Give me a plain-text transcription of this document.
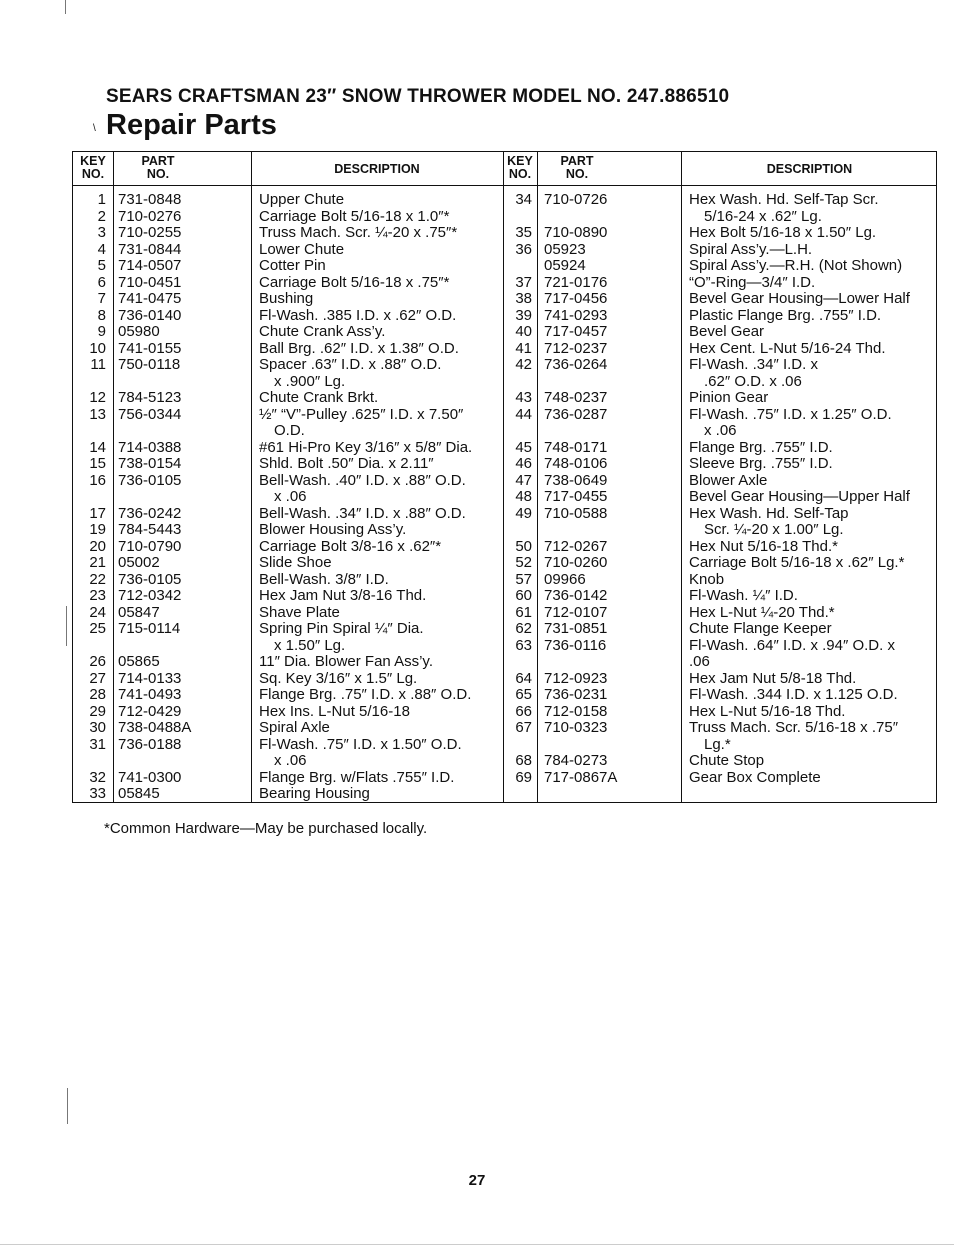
SEARS CRAFTSMAN 23″ SNOW THROWER MODEL NO. 247.886510
\ Repair Parts
KEY
NO.
PART
NO.	DESCRIPTION
KEY
NO.
PART
NO.	DESCRIPTION
1
2
3
4
5
6
7
8
9
10
11

12
13

14
15
16

17
19
20
21
22
23
24
25

26
27
28
29
30
31

32
33
731-0848
710-0276
710-0255
731-0844
714-0507
710-0451
741-0475
736-0140
05980
741-0155
750-0118

784-5123
756-0344

714-0388
738-0154
736-0105

736-0242
784-5443
710-0790
05002
736-0105
712-0342
05847
715-0114

05865
714-0133
741-0493
712-0429
738-0488A
736-0188

741-0300
05845
Upper Chute
Carriage Bolt 5/16-18 x 1.0″*
Truss Mach. Scr. ¼-20 x .75″*
Lower Chute
Cotter Pin
Carriage Bolt 5/16-18 x .75″*
Bushing
Fl-Wash. .385 I.D. x .62″ O.D.
Chute Crank Ass’y.
Ball Brg. .62″ I.D. x 1.38″ O.D.
Spacer .63″ I.D. x .88″ O.D.
 x .900″ Lg.
Chute Crank Brkt.
½″ “V”-Pulley .625″ I.D. x 7.50″
 O.D.
#61 Hi-Pro Key 3/16″ x 5/8″ Dia.
Shld. Bolt .50″ Dia. x 2.11″
Bell-Wash. .40″ I.D. x .88″ O.D.
 x .06
Bell-Wash. .34″ I.D. x .88″ O.D.
Blower Housing Ass’y.
Carriage Bolt 3/8-16 x .62″*
Slide Shoe
Bell-Wash. 3/8″ I.D.
Hex Jam Nut 3/8-16 Thd.
Shave Plate
Spring Pin Spiral ¼″ Dia.
 x 1.50″ Lg.
11″ Dia. Blower Fan Ass’y.
Sq. Key 3/16″ x 1.5″ Lg.
Flange Brg. .75″ I.D. x .88″ O.D.
Hex Ins. L-Nut 5/16-18
Spiral Axle
Fl-Wash. .75″ I.D. x 1.50″ O.D.
 x .06
Flange Brg. w/Flats .755″ I.D.
Bearing Housing
34

35
36

37
38
39
40
41
42

43
44

45
46
47
48
49

50
52
57
60
61
62
63

64
65
66
67

68
69
710-0726

710-0890
05923
05924
721-0176
717-0456
741-0293
717-0457
712-0237
736-0264

748-0237
736-0287

748-0171
748-0106
738-0649
717-0455
710-0588

712-0267
710-0260
09966
736-0142
712-0107
731-0851
736-0116

712-0923
736-0231
712-0158
710-0323

784-0273
717-0867A
Hex Wash. Hd. Self-Tap Scr.
 5/16-24 x .62″ Lg.
Hex Bolt 5/16-18 x 1.50″ Lg.
Spiral Ass’y.—L.H.
Spiral Ass’y.—R.H. (Not Shown)
“O”-Ring—3/4″ I.D.
Bevel Gear Housing—Lower Half
Plastic Flange Brg. .755″ I.D.
Bevel Gear
Hex Cent. L-Nut 5/16-24 Thd.
Fl-Wash. .34″ I.D. x
 .62″ O.D. x .06
Pinion Gear
Fl-Wash. .75″ I.D. x 1.25″ O.D.
 x .06
Flange Brg. .755″ I.D.
Sleeve Brg. .755″ I.D.
Blower Axle
Bevel Gear Housing—Upper Half
Hex Wash. Hd. Self-Tap
 Scr. ¼-20 x 1.00″ Lg.
Hex Nut 5/16-18 Thd.*
Carriage Bolt 5/16-18 x .62″ Lg.*
Knob
Fl-Wash. ¼″ I.D.
Hex L-Nut ¼-20 Thd.*
Chute Flange Keeper
Fl-Wash. .64″ I.D. x .94″ O.D. x
.06
Hex Jam Nut 5/8-18 Thd.
Fl-Wash. .344 I.D. x 1.125 O.D.
Hex L-Nut 5/16-18 Thd.
Truss Mach. Scr. 5/16-18 x .75″
 Lg.*
Chute Stop
Gear Box Complete
*Common Hardware—May be purchased locally.
27
